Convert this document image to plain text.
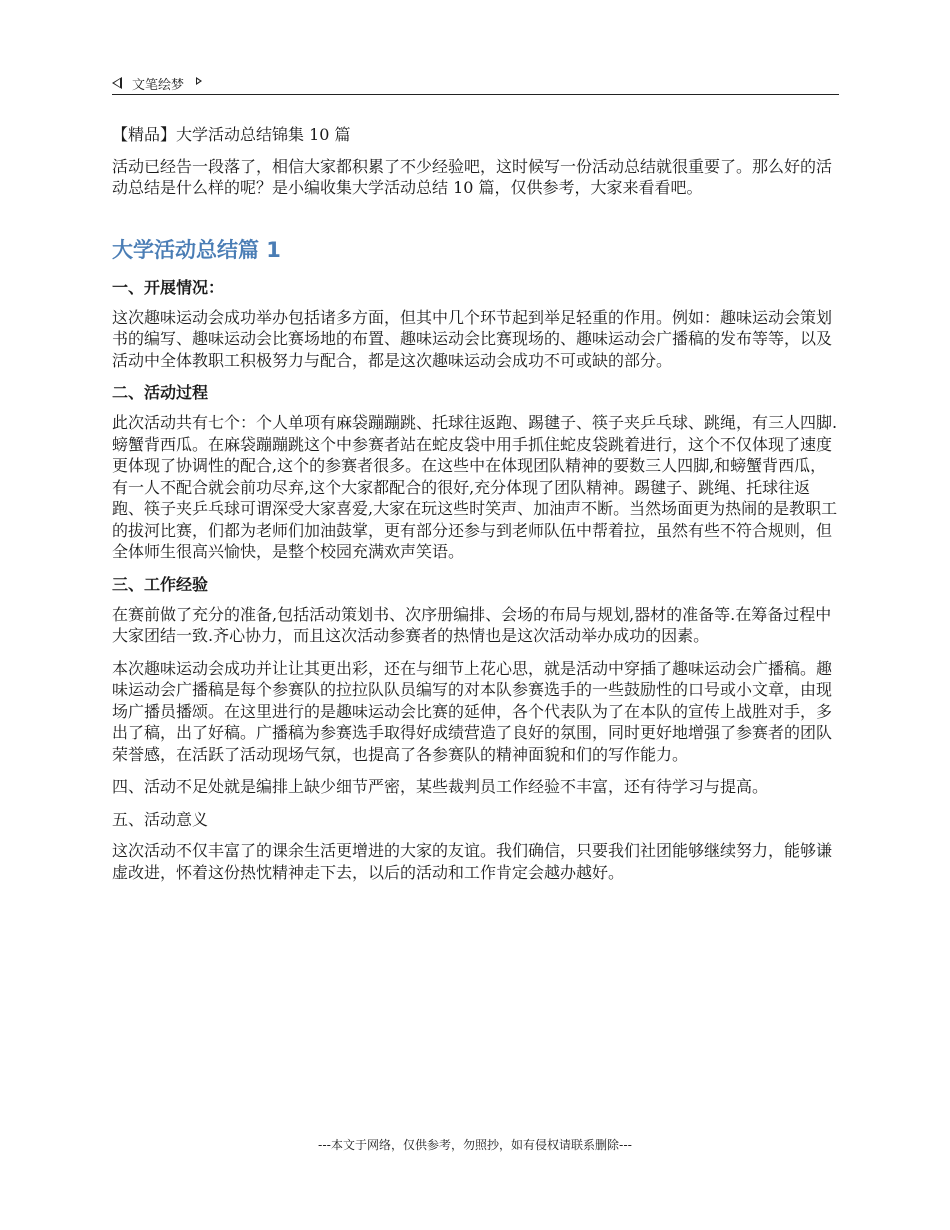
文笔绘梦

【精品】大学活动总结锦集 10 篇

活动已经告一段落了，相信大家都积累了不少经验吧，这时候写一份活动总结就很重要了。那么好的活动总结是什么样的呢？是小编收集大学活动总结 10 篇，仅供参考，大家来看看吧。

大学活动总结篇 1
一、开展情况：

这次趣味运动会成功举办包括诸多方面，但其中几个环节起到举足轻重的作用。例如：趣味运动会策划书的编写、趣味运动会比赛场地的布置、趣味运动会比赛现场的、趣味运动会广播稿的发布等等，以及活动中全体教职工积极努力与配合，都是这次趣味运动会成功不可或缺的部分。

二、活动过程

此次活动共有七个：个人单项有麻袋蹦蹦跳、托球往返跑、踢毽子、筷子夹乒乓球、跳绳，有三人四脚.螃蟹背西瓜。在麻袋蹦蹦跳这个中参赛者站在蛇皮袋中用手抓住蛇皮袋跳着进行，这个不仅体现了速度更体现了协调性的配合,这个的参赛者很多。在这些中在体现团队精神的要数三人四脚,和螃蟹背西瓜，有一人不配合就会前功尽弃,这个大家都配合的很好,充分体现了团队精神。踢毽子、跳绳、托球往返跑、筷子夹乒乓球可谓深受大家喜爱,大家在玩这些时笑声、加油声不断。当然场面更为热闹的是教职工的拔河比赛，们都为老师们加油鼓掌，更有部分还参与到老师队伍中帮着拉，虽然有些不符合规则，但全体师生很高兴愉快，是整个校园充满欢声笑语。

三、工作经验

在赛前做了充分的准备,包括活动策划书、次序册编排、会场的布局与规划,器材的准备等.在筹备过程中大家团结一致.齐心协力，而且这次活动参赛者的热情也是这次活动举办成功的因素。

本次趣味运动会成功并让让其更出彩，还在与细节上花心思，就是活动中穿插了趣味运动会广播稿。趣味运动会广播稿是每个参赛队的拉拉队队员编写的对本队参赛选手的一些鼓励性的口号或小文章，由现场广播员播颂。在这里进行的是趣味运动会比赛的延伸，各个代表队为了在本队的宣传上战胜对手，多出了稿，出了好稿。广播稿为参赛选手取得好成绩营造了良好的氛围，同时更好地增强了参赛者的团队荣誉感，在活跃了活动现场气氛，也提高了各参赛队的精神面貌和们的写作能力。

四、活动不足处就是编排上缺少细节严密，某些裁判员工作经验不丰富，还有待学习与提高。

五、活动意义

这次活动不仅丰富了的课余生活更增进的大家的友谊。我们确信，只要我们社团能够继续努力，能够谦虚改进，怀着这份热忱精神走下去，以后的活动和工作肯定会越办越好。

---本文于网络，仅供参考，勿照抄，如有侵权请联系删除---
